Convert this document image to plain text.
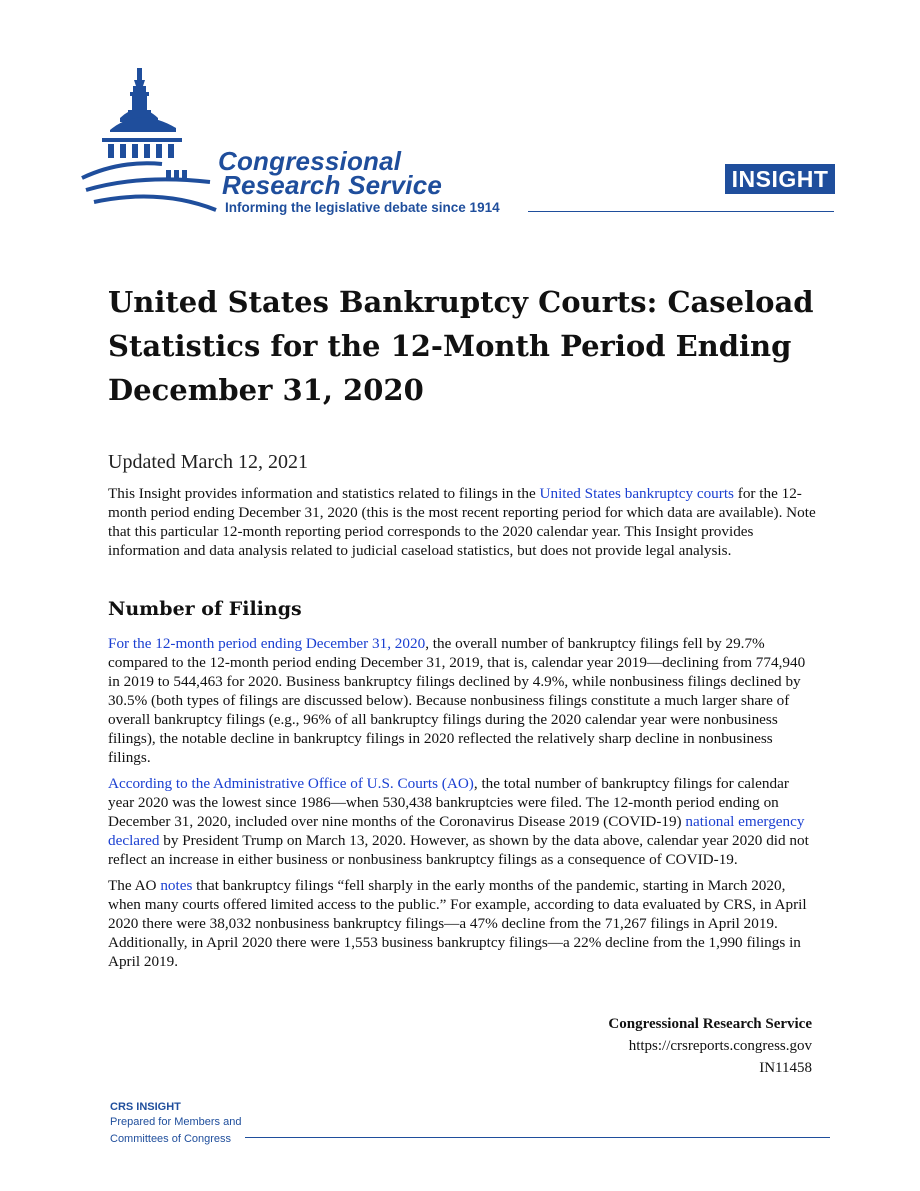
Congressional
Research Service
Informing the legislative debate since 1914
INSIGHT
United States Bankruptcy Courts: Caseload Statistics for the 12-Month Period Ending December 31, 2020
Updated March 12, 2021

This Insight provides information and statistics related to filings in the United States bankruptcy courts for the 12-month period ending December 31, 2020 (this is the most recent reporting period for which data are available). Note that this particular 12-month reporting period corresponds to the 2020 calendar year. This Insight provides information and data analysis related to judicial caseload statistics, but does not provide legal analysis.

Number of Filings

For the 12-month period ending December 31, 2020, the overall number of bankruptcy filings fell by 29.7% compared to the 12-month period ending December 31, 2019, that is, calendar year 2019—declining from 774,940 in 2019 to 544,463 for 2020. Business bankruptcy filings declined by 4.9%, while nonbusiness filings declined by 30.5% (both types of filings are discussed below). Because nonbusiness filings constitute a much larger share of overall bankruptcy filings (e.g., 96% of all bankruptcy filings during the 2020 calendar year were nonbusiness filings), the notable decline in bankruptcy filings in 2020 reflected the relatively sharp decline in nonbusiness filings.

According to the Administrative Office of U.S. Courts (AO), the total number of bankruptcy filings for calendar year 2020 was the lowest since 1986—when 530,438 bankruptcies were filed. The 12-month period ending on December 31, 2020, included over nine months of the Coronavirus Disease 2019 (COVID-19) national emergency declared by President Trump on March 13, 2020. However, as shown by the data above, calendar year 2020 did not reflect an increase in either business or nonbusiness bankruptcy filings as a consequence of COVID-19.

The AO notes that bankruptcy filings “fell sharply in the early months of the pandemic, starting in March 2020, when many courts offered limited access to the public.” For example, according to data evaluated by CRS, in April 2020 there were 38,032 nonbusiness bankruptcy filings—a 47% decline from the 71,267 filings in April 2019. Additionally, in April 2020 there were 1,553 business bankruptcy filings—a 22% decline from the 1,990 filings in April 2019.

Congressional Research Service
https://crsreports.congress.gov
IN11458
CRS INSIGHT
Prepared for Members and
Committees of Congress
